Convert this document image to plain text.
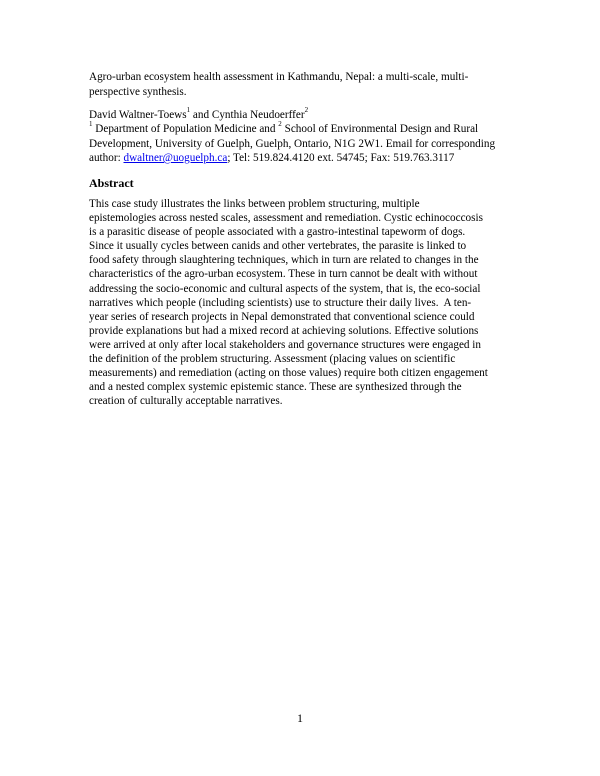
Agro-urban ecosystem health assessment in Kathmandu, Nepal: a multi-scale, multi-
perspective synthesis.
David Waltner-Toews$^1$ and Cynthia Neudoerffer$^2$
$^1$ Department of Population Medicine and $^2$ School of Environmental Design and Rural
Development, University of Guelph, Guelph, Ontario, N1G 2W1. Email for corresponding
author: dwaltner@uoguelph.ca; Tel: 519.824.4120 ext. 54745; Fax: 519.763.3117
Abstract
This case study illustrates the links between problem structuring, multiple
epistemologies across nested scales, assessment and remediation. Cystic echinococcosis
is a parasitic disease of people associated with a gastro-intestinal tapeworm of dogs.
Since it usually cycles between canids and other vertebrates, the parasite is linked to
food safety through slaughtering techniques, which in turn are related to changes in the
characteristics of the agro-urban ecosystem. These in turn cannot be dealt with without
addressing the socio-economic and cultural aspects of the system, that is, the eco-social
narratives which people (including scientists) use to structure their daily lives.  A ten-
year series of research projects in Nepal demonstrated that conventional science could
provide explanations but had a mixed record at achieving solutions. Effective solutions
were arrived at only after local stakeholders and governance structures were engaged in
the definition of the problem structuring. Assessment (placing values on scientific
measurements) and remediation (acting on those values) require both citizen engagement
and a nested complex systemic epistemic stance. These are synthesized through the
creation of culturally acceptable narratives.
1
